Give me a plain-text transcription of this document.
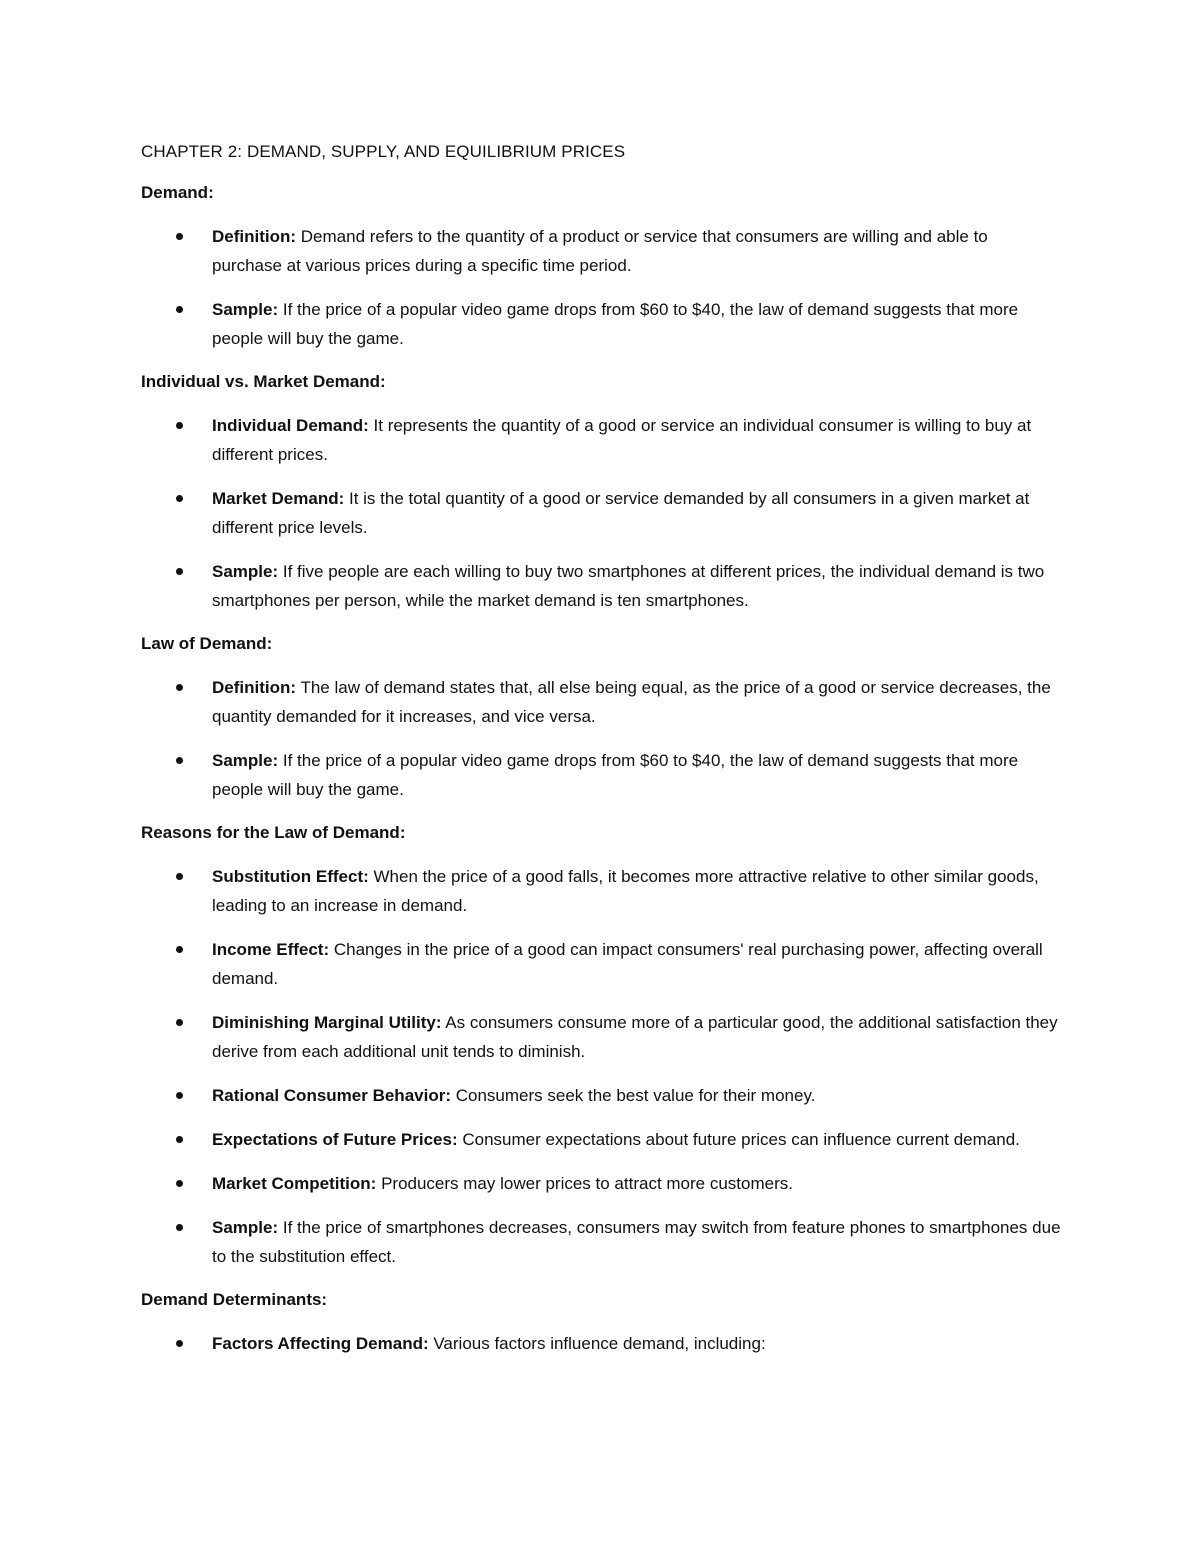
CHAPTER 2: DEMAND, SUPPLY, AND EQUILIBRIUM PRICES
Demand:
Definition: Demand refers to the quantity of a product or service that consumers are willing and able to purchase at various prices during a specific time period.
Sample: If the price of a popular video game drops from $60 to $40, the law of demand suggests that more people will buy the game.
Individual vs. Market Demand:
Individual Demand: It represents the quantity of a good or service an individual consumer is willing to buy at different prices.
Market Demand: It is the total quantity of a good or service demanded by all consumers in a given market at different price levels.
Sample: If five people are each willing to buy two smartphones at different prices, the individual demand is two smartphones per person, while the market demand is ten smartphones.
Law of Demand:
Definition: The law of demand states that, all else being equal, as the price of a good or service decreases, the quantity demanded for it increases, and vice versa.
Sample: If the price of a popular video game drops from $60 to $40, the law of demand suggests that more people will buy the game.
Reasons for the Law of Demand:
Substitution Effect: When the price of a good falls, it becomes more attractive relative to other similar goods, leading to an increase in demand.
Income Effect: Changes in the price of a good can impact consumers' real purchasing power, affecting overall demand.
Diminishing Marginal Utility: As consumers consume more of a particular good, the additional satisfaction they derive from each additional unit tends to diminish.
Rational Consumer Behavior: Consumers seek the best value for their money.
Expectations of Future Prices: Consumer expectations about future prices can influence current demand.
Market Competition: Producers may lower prices to attract more customers.
Sample: If the price of smartphones decreases, consumers may switch from feature phones to smartphones due to the substitution effect.
Demand Determinants:
Factors Affecting Demand: Various factors influence demand, including:
